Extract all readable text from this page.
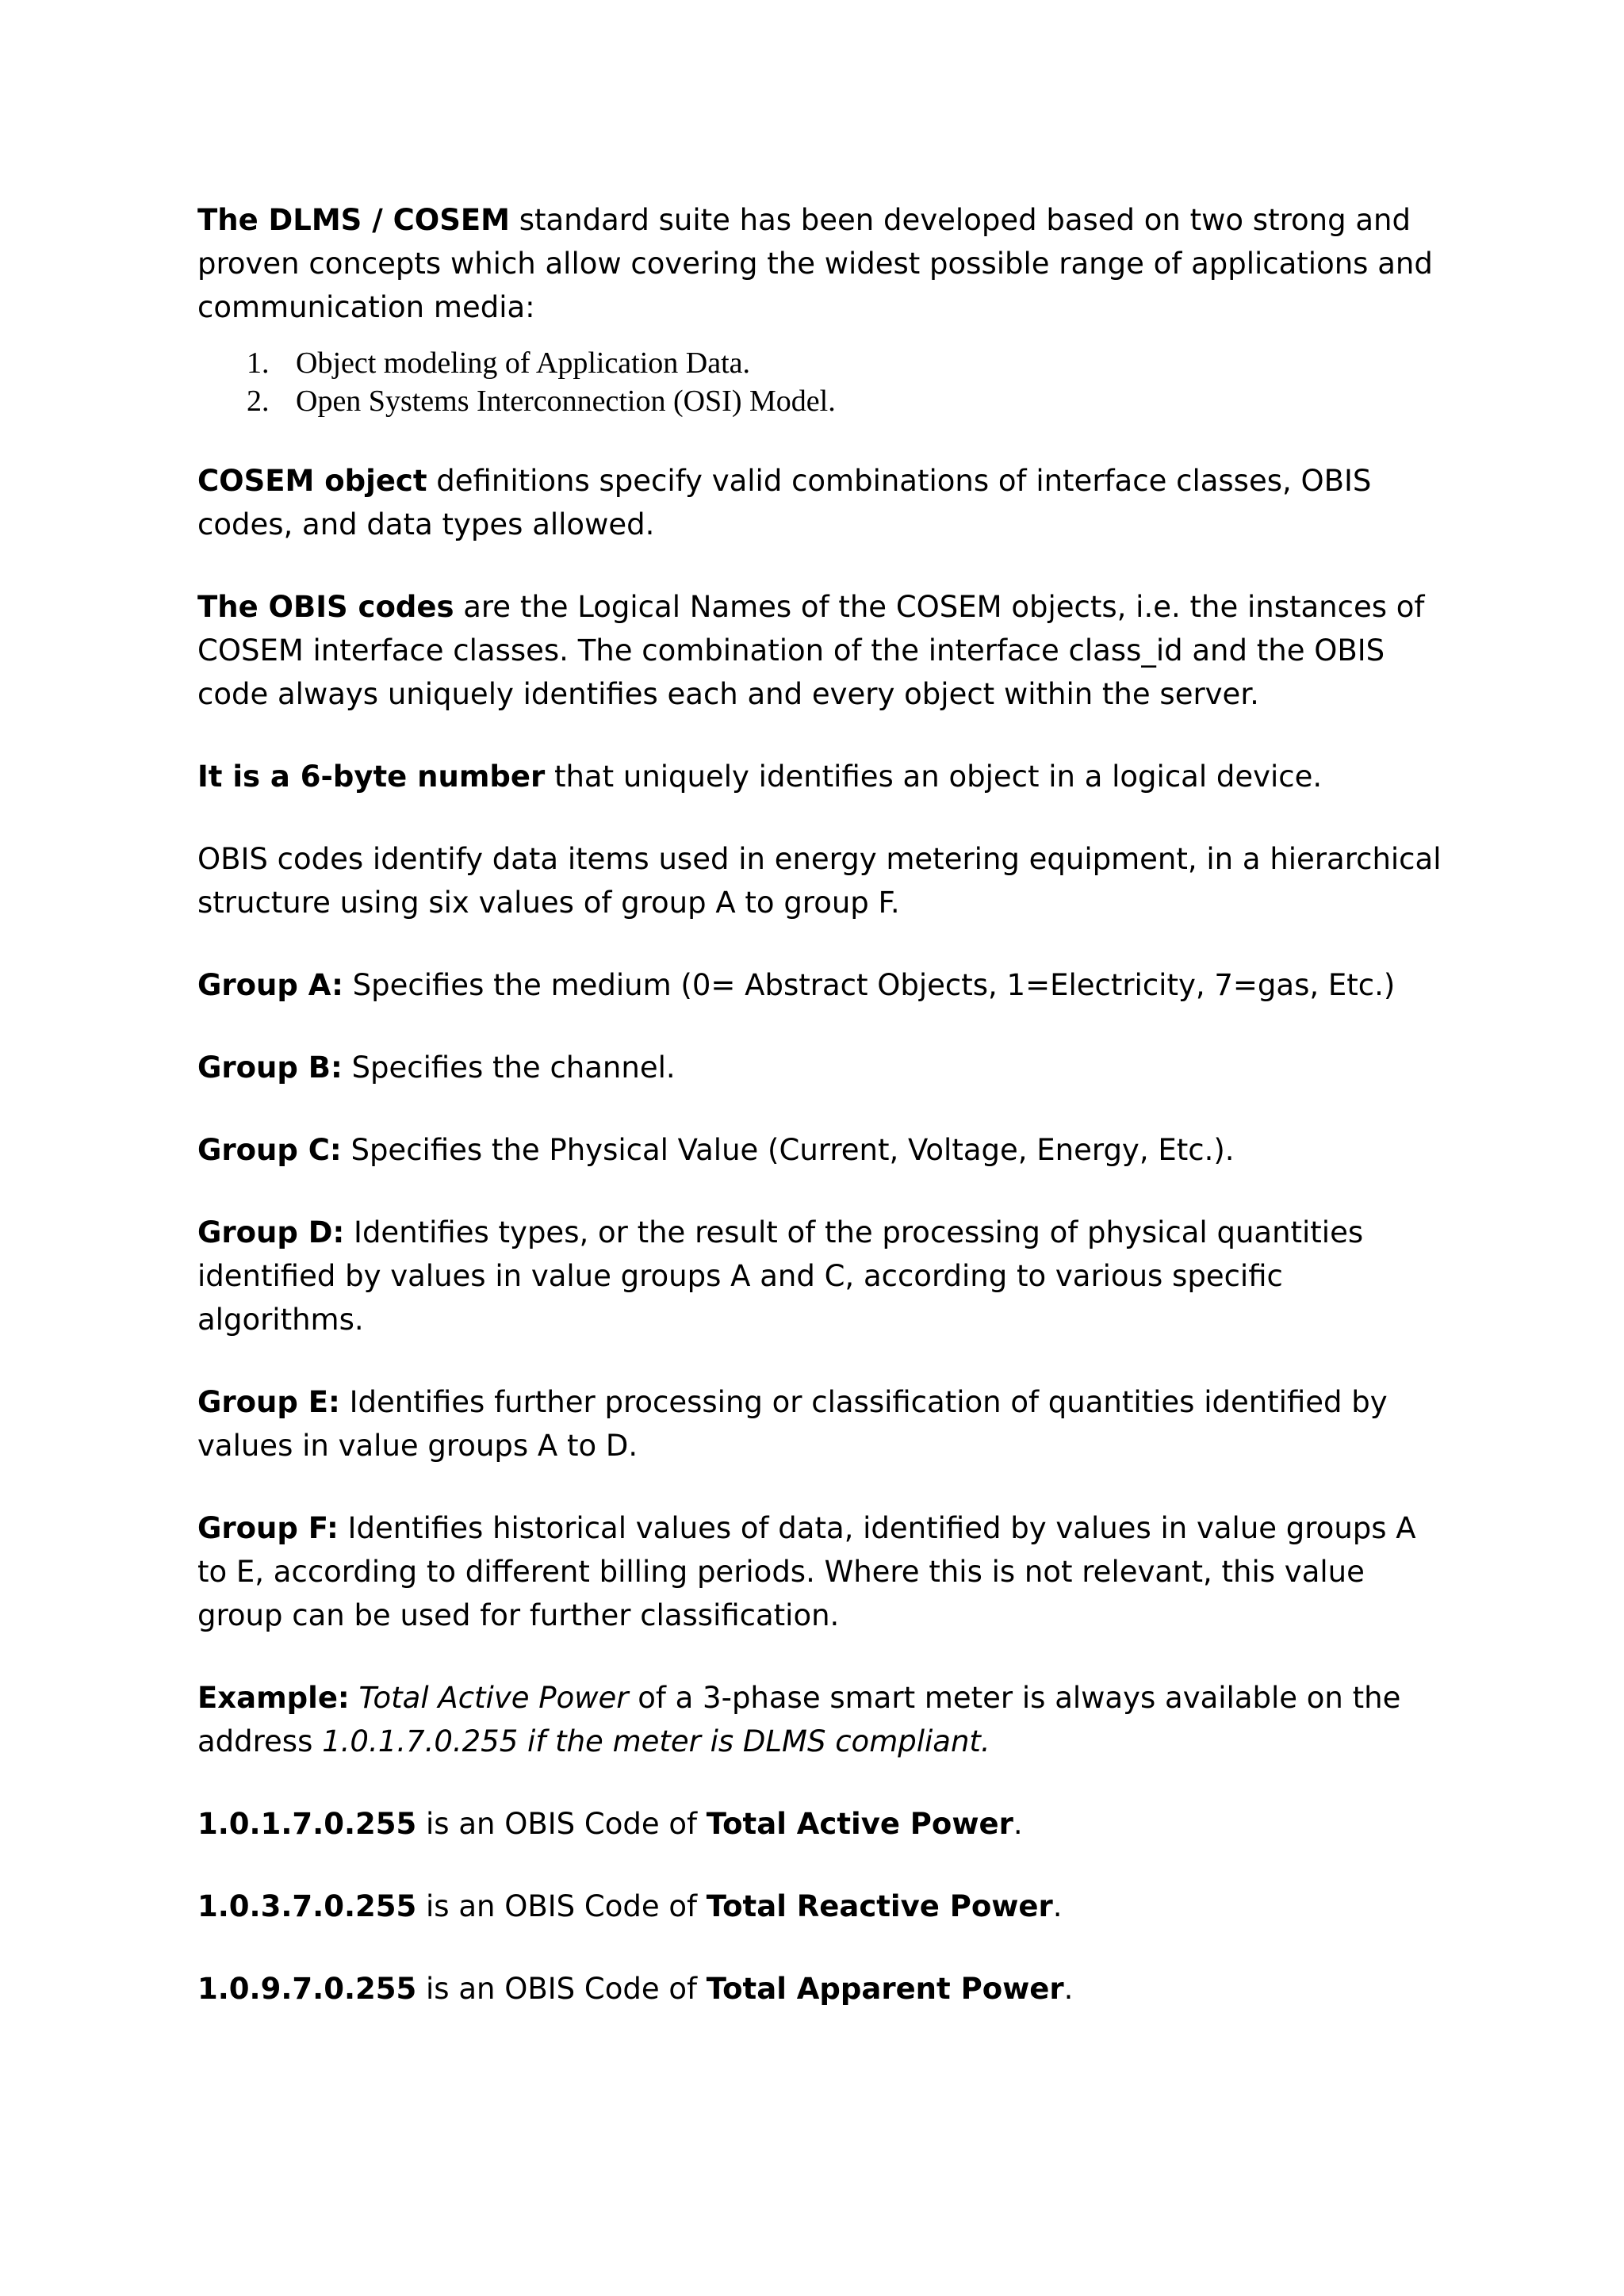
The DLMS / COSEM standard suite has been developed based on two strong and proven concepts which allow covering the widest possible range of applications and communication media:

1. Object modeling of Application Data.
2. Open Systems Interconnection (OSI) Model.

COSEM object definitions specify valid combinations of interface classes, OBIS codes, and data types allowed.

The OBIS codes are the Logical Names of the COSEM objects, i.e. the instances of COSEM interface classes. The combination of the interface class_id and the OBIS code always uniquely identifies each and every object within the server.

It is a 6-byte number that uniquely identifies an object in a logical device.

OBIS codes identify data items used in energy metering equipment, in a hierarchical structure using six values of group A to group F.

Group A: Specifies the medium (0= Abstract Objects, 1=Electricity, 7=gas, Etc.)

Group B: Specifies the channel.

Group C: Specifies the Physical Value (Current, Voltage, Energy, Etc.).

Group D: Identifies types, or the result of the processing of physical quantities identified by values in value groups A and C, according to various specific algorithms.

Group E: Identifies further processing or classification of quantities identified by values in value groups A to D.

Group F: Identifies historical values of data, identified by values in value groups A to E, according to different billing periods. Where this is not relevant, this value group can be used for further classification.

Example: Total Active Power of a 3-phase smart meter is always available on the address 1.0.1.7.0.255 if the meter is DLMS compliant.

1.0.1.7.0.255 is an OBIS Code of Total Active Power.

1.0.3.7.0.255 is an OBIS Code of Total Reactive Power.

1.0.9.7.0.255 is an OBIS Code of Total Apparent Power.
